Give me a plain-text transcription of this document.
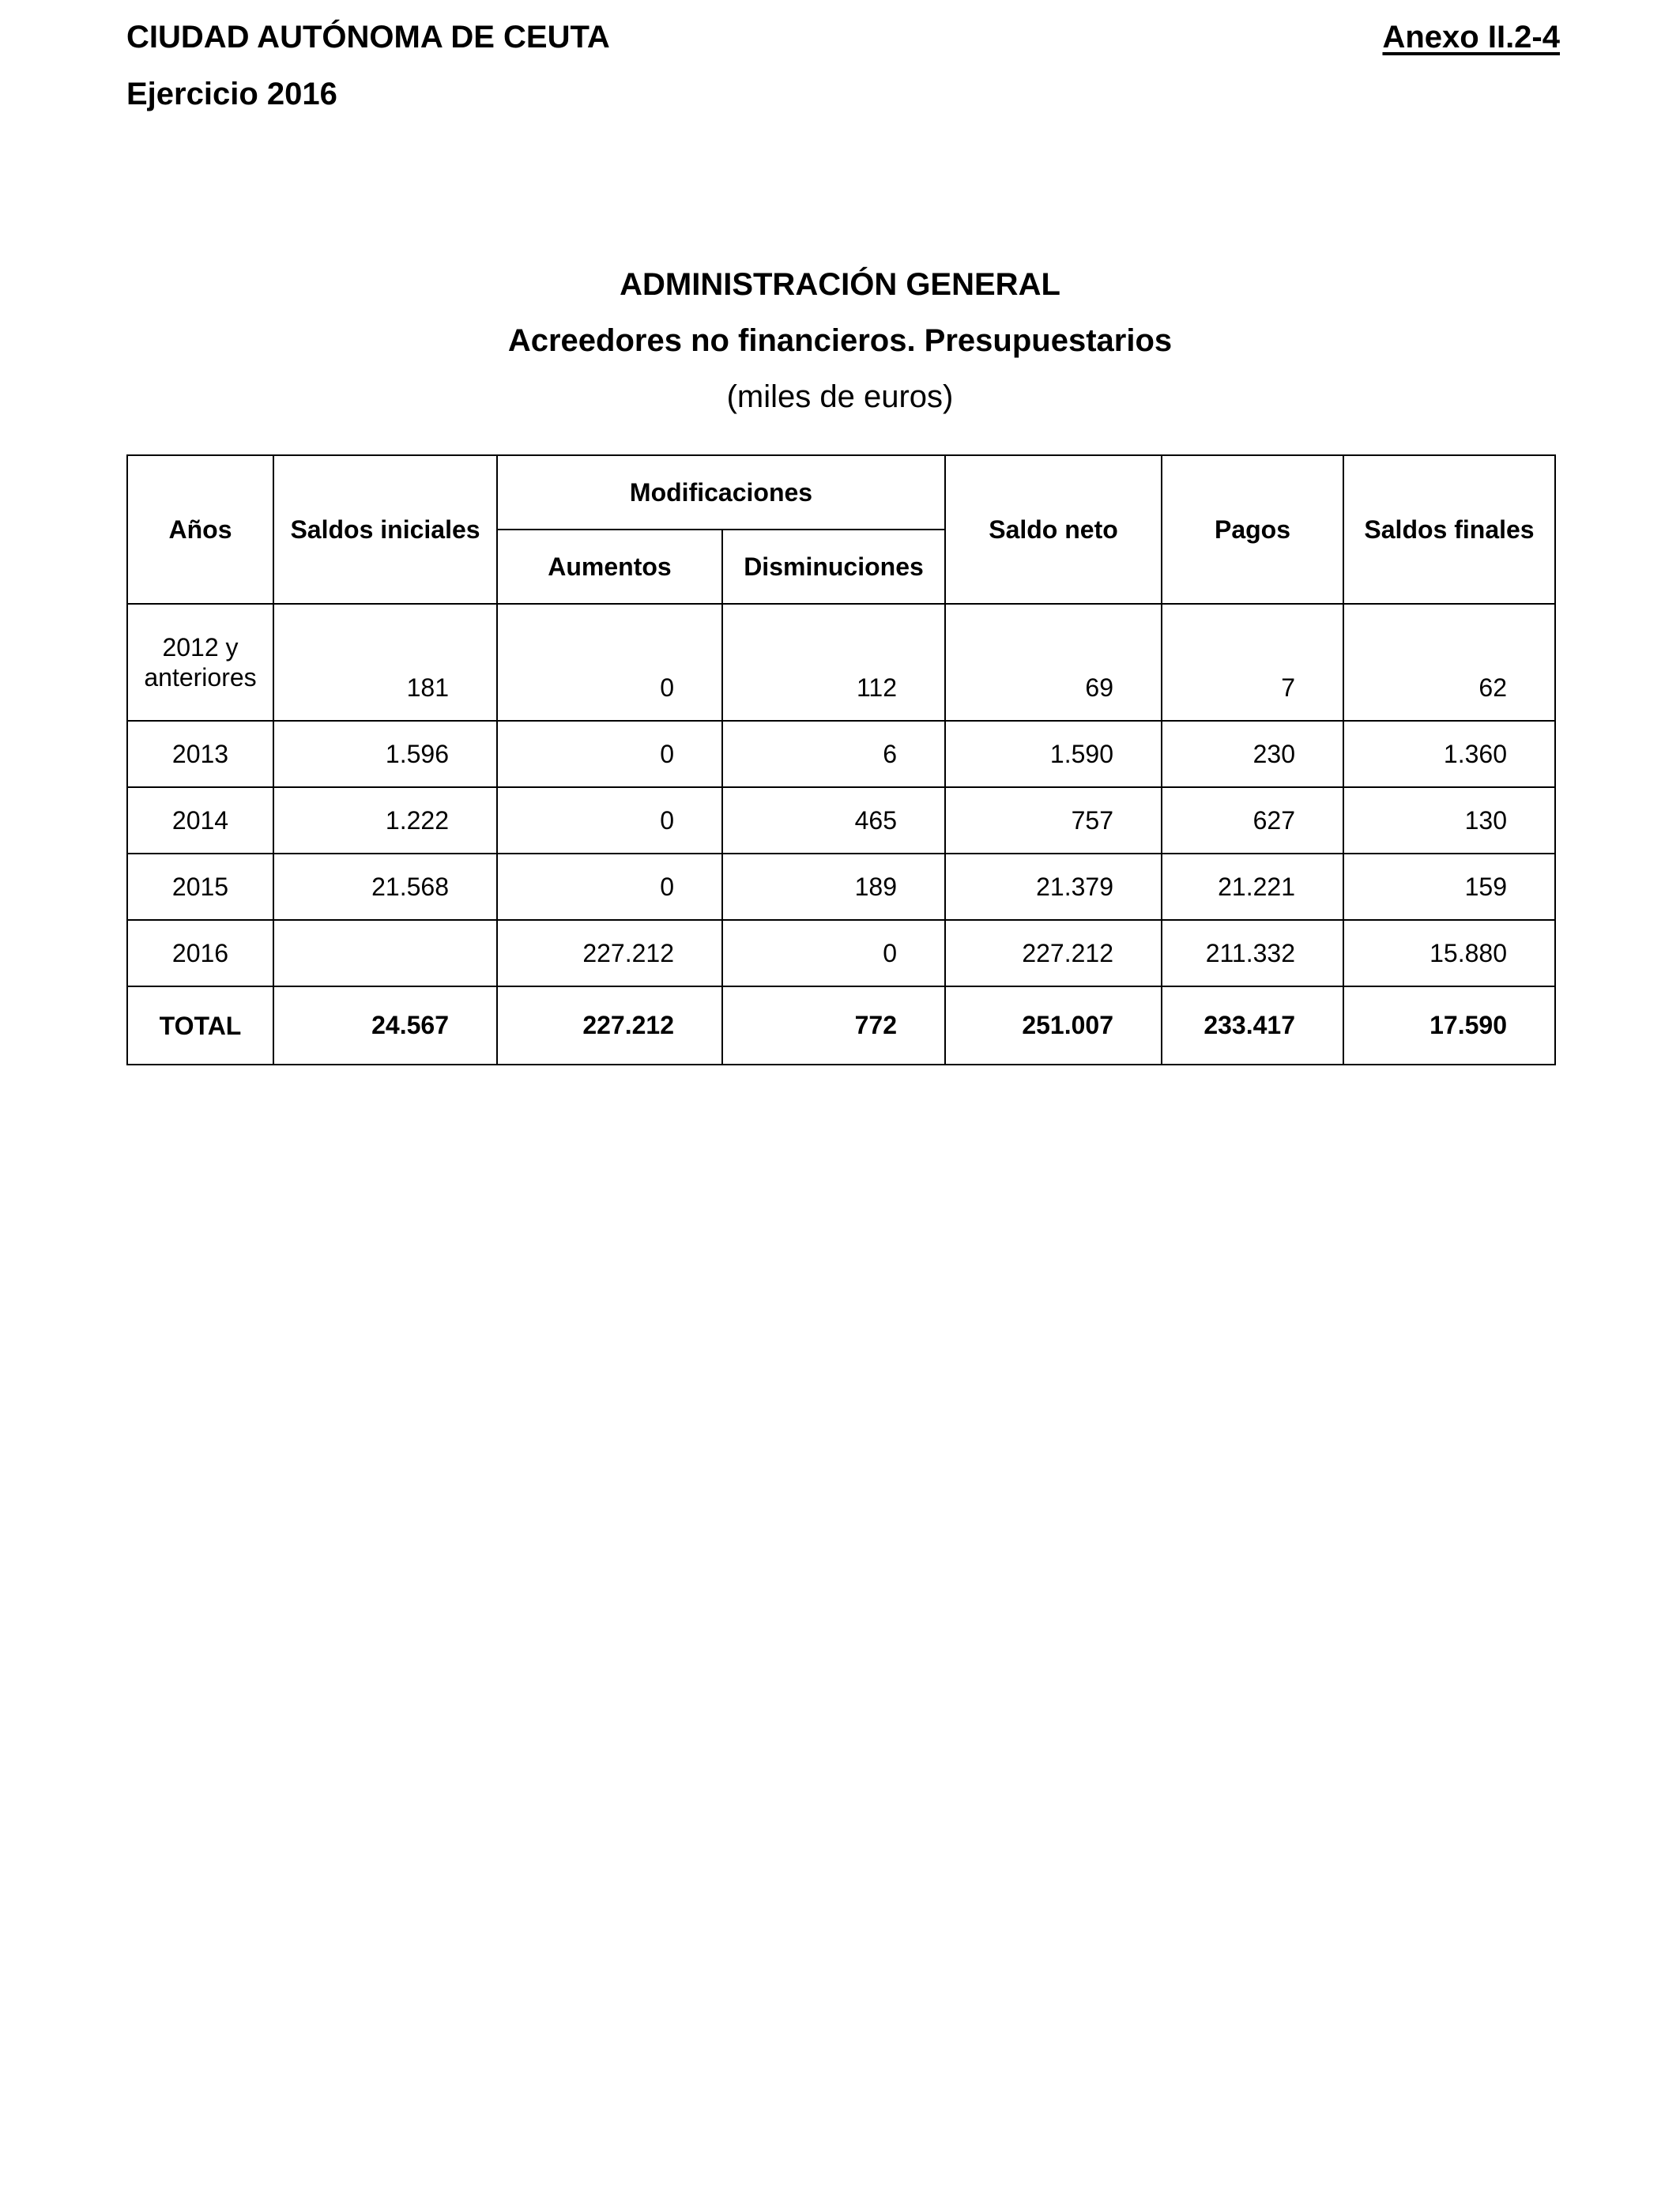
CIUDAD AUTÓNOMA DE CEUTA
Ejercicio 2016
Anexo II.2-4
ADMINISTRACIÓN GENERAL
Acreedores no financieros. Presupuestarios
(miles de euros)
Años	Saldos iniciales	Modificaciones		Saldo neto	Pagos	Saldos finales
		Aumentos	Disminuciones			
2012 y anteriores	181	0	112	69	7	62
2013	1.596	0	6	1.590	230	1.360
2014	1.222	0	465	757	627	130
2015	21.568	0	189	21.379	21.221	159
2016		227.212	0	227.212	211.332	15.880
TOTAL	24.567	227.212	772	251.007	233.417	17.590
